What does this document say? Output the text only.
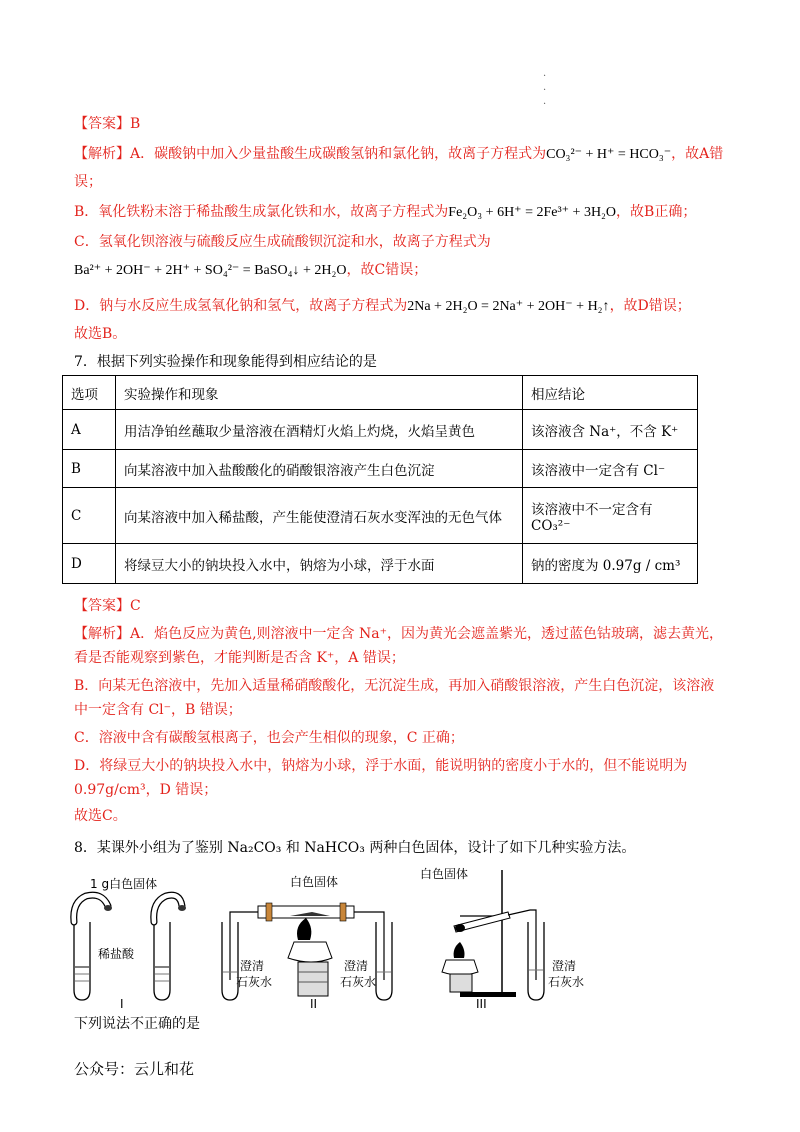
·
·
·
【答案】B
【解析】A．碳酸钠中加入少量盐酸生成碳酸氢钠和氯化钠，故离子方程式为CO₃²⁻ + H⁺ = HCO₃⁻，故A错
误；
B．氧化铁粉末溶于稀盐酸生成氯化铁和水，故离子方程式为Fe₂O₃ + 6H⁺ = 2Fe³⁺ + 3H₂O，故B正确；
C．氢氧化钡溶液与硫酸反应生成硫酸钡沉淀和水，故离子方程式为
Ba²⁺ + 2OH⁻ + 2H⁺ + SO₄²⁻ = BaSO₄↓ + 2H₂O，故C错误；
D．钠与水反应生成氢氧化钠和氢气，故离子方程式为2Na + 2H₂O = 2Na⁺ + 2OH⁻ + H₂↑，故D错误；
故选B。
7．根据下列实验操作和现象能得到相应结论的是
选项	实验操作和现象	相应结论
A	用洁净铂丝蘸取少量溶液在酒精灯火焰上灼烧，火焰呈黄色	该溶液含 Na⁺，不含 K⁺
B	向某溶液中加入盐酸酸化的硝酸银溶液产生白色沉淀	该溶液中一定含有 Cl⁻
C	向某溶液中加入稀盐酸，产生能使澄清石灰水变浑浊的无色气体	该溶液中不一定含有 CO₃²⁻
D	将绿豆大小的钠块投入水中，钠熔为小球，浮于水面	钠的密度为 0.97g / cm³
【答案】C
【解析】A．焰色反应为黄色,则溶液中一定含 Na⁺，因为黄光会遮盖紫光，透过蓝色钴玻璃，滤去黄光，
看是否能观察到紫色，才能判断是否含 K⁺，A 错误；
B．向某无色溶液中，先加入适量稀硝酸酸化，无沉淀生成，再加入硝酸银溶液，产生白色沉淀，该溶液
中一定含有 Cl⁻，B 错误；
C．溶液中含有碳酸氢根离子，也会产生相似的现象，C 正确；
D．将绿豆大小的钠块投入水中，钠熔为小球，浮于水面，能说明钠的密度小于水的，但不能说明为
0.97g/cm³，D 错误；
故选C。
8．某课外小组为了鉴别 Na₂CO₃ 和 NaHCO₃ 两种白色固体，设计了如下几种实验方法。
1 g白色固体
稀盐酸
I
白色固体
澄清
石灰水
澄清
石灰水
II
白色固体
澄清
石灰水
III
下列说法不正确的是
公众号：云儿和花
